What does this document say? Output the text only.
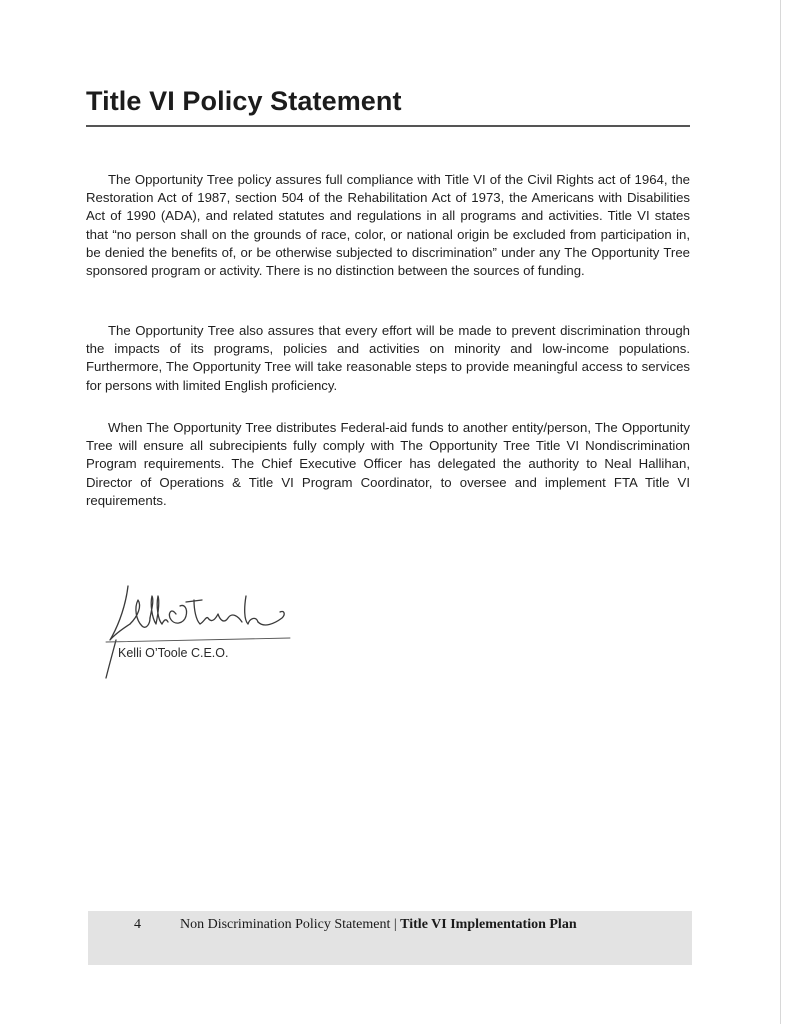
Title VI Policy Statement

The Opportunity Tree policy assures full compliance with Title VI of the Civil Rights act of 1964, the Restoration Act of 1987, section 504 of the Rehabilitation Act of 1973, the Americans with Disabilities Act of 1990 (ADA), and related statutes and regulations in all programs and activities. Title VI states that “no person shall on the grounds of race, color, or national origin be excluded from participation in, be denied the benefits of, or be otherwise subjected to discrimination” under any The Opportunity Tree sponsored program or activity. There is no distinction between the sources of funding.

The Opportunity Tree also assures that every effort will be made to prevent discrimination through the impacts of its programs, policies and activities on minority and low-income populations. Furthermore, The Opportunity Tree will take reasonable steps to provide meaningful access to services for persons with limited English proficiency.

When The Opportunity Tree distributes Federal-aid funds to another entity/person, The Opportunity Tree will ensure all subrecipients fully comply with The Opportunity Tree Title VI Nondiscrimination Program requirements. The Chief Executive Officer has delegated the authority to Neal Hallihan, Director of Operations & Title VI Program Coordinator, to oversee and implement FTA Title VI requirements.

Kelli O’Toole C.E.O.
4	Non Discrimination Policy Statement | Title VI Implementation Plan
